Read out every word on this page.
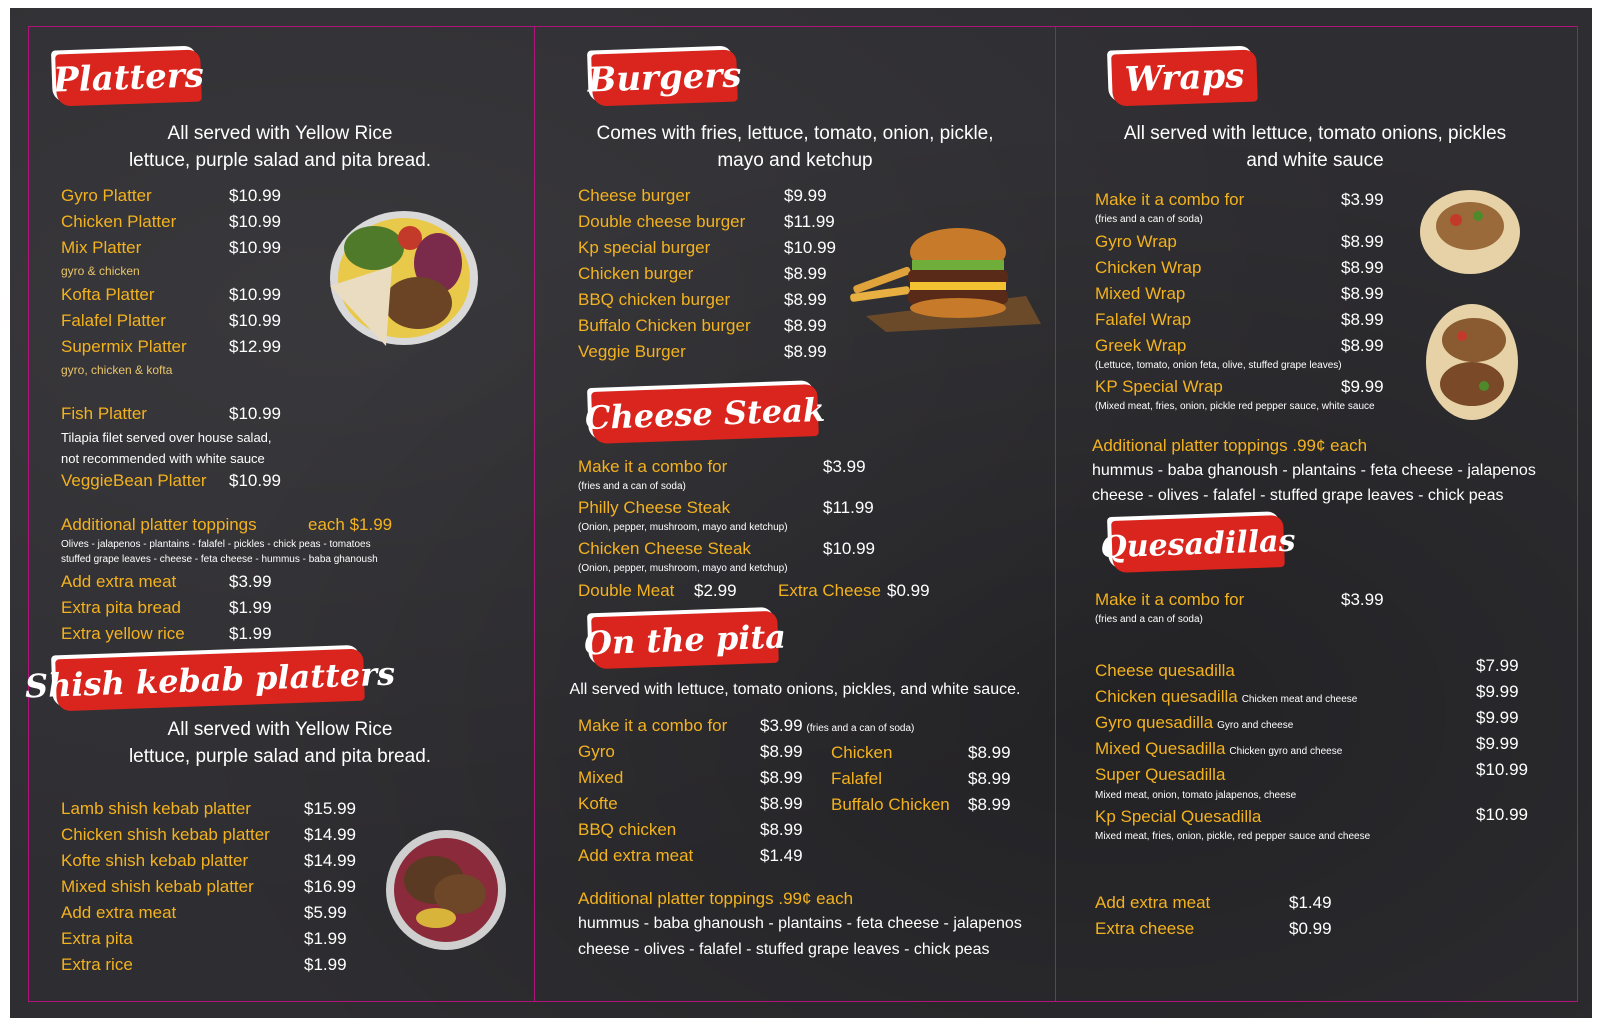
Platters
All served with Yellow Rice
lettuce, purple salad and pita bread.
Gyro Platter	$10.99
Chicken Platter	$10.99
Mix Platter	$10.99
gyro & chicken
Kofta Platter	$10.99
Falafel Platter	$10.99
Supermix Platter $12.99
gyro, chicken & kofta
Fish Platter	$10.99
Tilapia filet served over house salad,
not recommended with white sauce
VeggieBean Platter $10.99
Additional platter toppings	each $1.99
Olives - jalapenos - plantains - falafel - pickles - chick peas - tomatoes
stuffed grape leaves - cheese - feta cheese - hummus - baba ghanoush
Add extra meat	$3.99
Extra pita bread	$1.99
Extra yellow rice	$1.99
Shish kebab platters
All served with Yellow Rice
lettuce, purple salad and pita bread.
Lamb shish kebab platter	$15.99
Chicken shish kebab platter $14.99
Kofte shish kebab platter	$14.99
Mixed shish kebab platter	$16.99
Add extra meat	$5.99
Extra pita	$1.99
Extra rice	$1.99
Burgers
Comes with fries, lettuce, tomato, onion, pickle,
mayo and ketchup
Cheese burger	$9.99
Double cheese burger $11.99
Kp special burger	$10.99
Chicken burger	$8.99
BBQ chicken burger	$8.99
Buffalo Chicken burger $8.99
Veggie Burger	$8.99
Cheese Steak
Make it a combo for	$3.99
(fries and a can of soda)
Philly Cheese Steak	$11.99
(Onion, pepper, mushroom, mayo and ketchup)
Chicken Cheese Steak	$10.99
(Onion, pepper, mushroom, mayo and ketchup)
Double Meat $2.99 Extra Cheese $0.99
On the pita
All served with lettuce, tomato onions, pickles, and white sauce.
Make it a combo for $3.99 (fries and a can of soda)
Gyro	$8.99
Mixed	$8.99
Kofte	$8.99
BBQ chicken	$8.99
Add extra meat	$1.49
Chicken	$8.99
Falafel	$8.99
Buffalo Chicken $8.99
Additional platter toppings .99¢ each
hummus - baba ghanoush - plantains - feta cheese - jalapenos
cheese - olives - falafel - stuffed grape leaves - chick peas
Wraps
All served with lettuce, tomato onions, pickles
and white sauce
Make it a combo for	$3.99
(fries and a can of soda)
Gyro Wrap	$8.99
Chicken Wrap	$8.99
Mixed Wrap	$8.99
Falafel Wrap	$8.99
Greek Wrap	$8.99
(Lettuce, tomato, onion feta, olive, stuffed grape leaves)
KP Special Wrap	$9.99
(Mixed meat, fries, onion, pickle red pepper sauce, white sauce
Additional platter toppings .99¢ each
hummus - baba ghanoush - plantains - feta cheese - jalapenos
cheese - olives - falafel - stuffed grape leaves - chick peas
Quesadillas
Make it a combo for	$3.99
(fries and a can of soda)
Cheese quesadilla	$7.99
Chicken quesadilla Chicken meat and cheese	$9.99
Gyro quesadilla Gyro and cheese	$9.99
Mixed Quesadilla Chicken gyro and cheese	$9.99
Super Quesadilla	$10.99
Mixed meat, onion, tomato jalapenos, cheese
Kp Special Quesadilla	$10.99
Mixed meat, fries, onion, pickle, red pepper sauce and cheese
Add extra meat	$1.49
Extra cheese	$0.99
